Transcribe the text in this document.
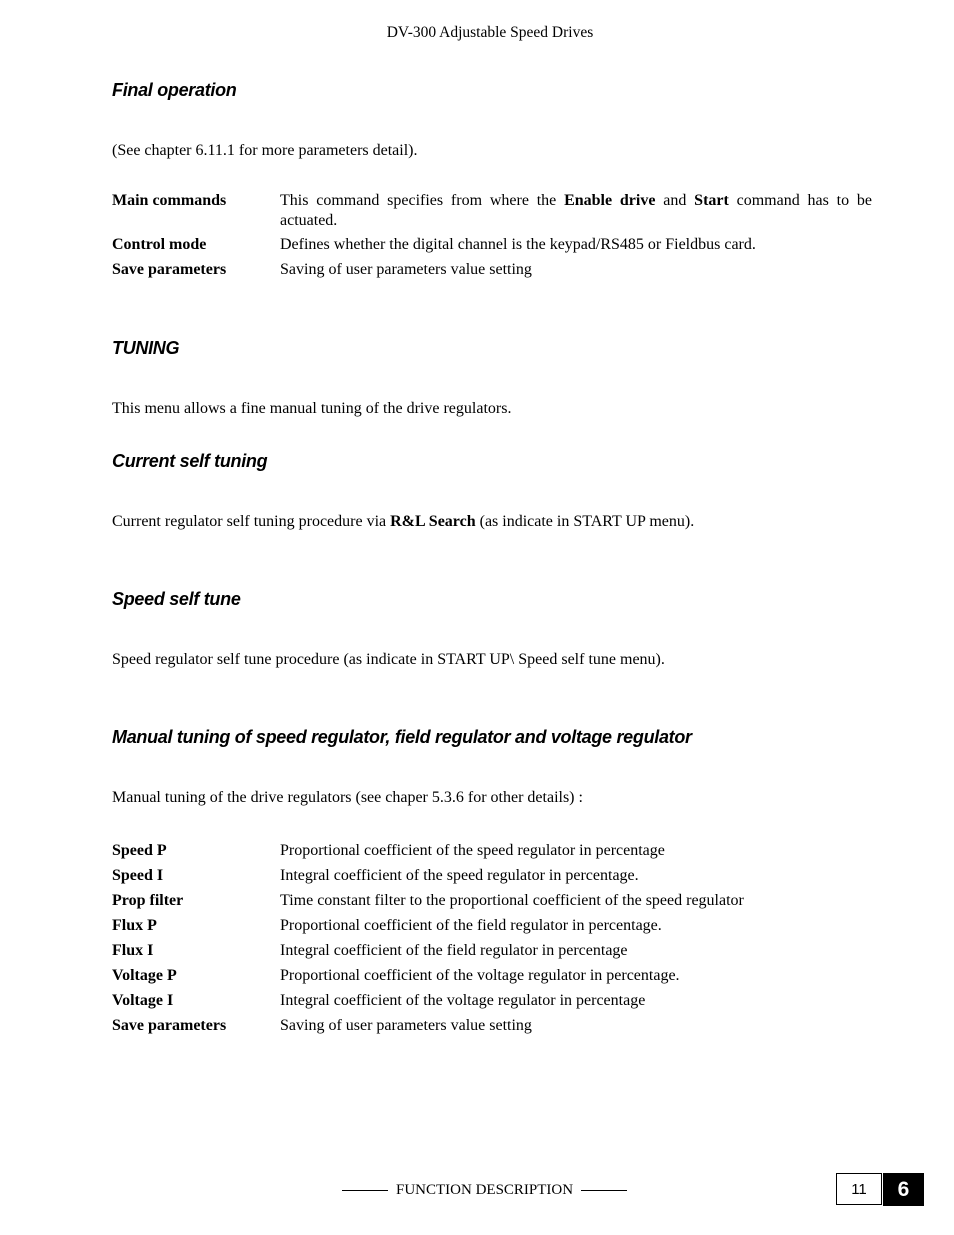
DV-300 Adjustable Speed Drives
Final operation
(See chapter 6.11.1 for more parameters detail).
Main commands	This command specifies from where the Enable drive and Start command has to be actuated.
Control mode	Defines whether the digital channel is the keypad/RS485 or Fieldbus card.
Save parameters	Saving of user parameters value setting
TUNING
This menu allows a fine manual tuning of the drive regulators.
Current self tuning
Current regulator self tuning procedure via R&L Search (as indicate in START UP menu).
Speed self tune
Speed regulator self tune procedure (as indicate in START UP\ Speed self tune menu).
Manual tuning of speed regulator, field regulator and voltage regulator
Manual tuning of the drive regulators (see chaper 5.3.6 for other details) :
Speed P	Proportional coefficient of the speed regulator in percentage
Speed I	Integral coefficient of the speed regulator in percentage.
Prop filter	Time constant filter to the proportional coefficient of the speed regulator
Flux P	Proportional coefficient of the field regulator in percentage.
Flux I	Integral coefficient of the field regulator in percentage
Voltage P	Proportional coefficient of the voltage regulator in percentage.
Voltage I	Integral coefficient of the voltage regulator in percentage
Save parameters	Saving of user parameters value setting
FUNCTION DESCRIPTION	11	6
